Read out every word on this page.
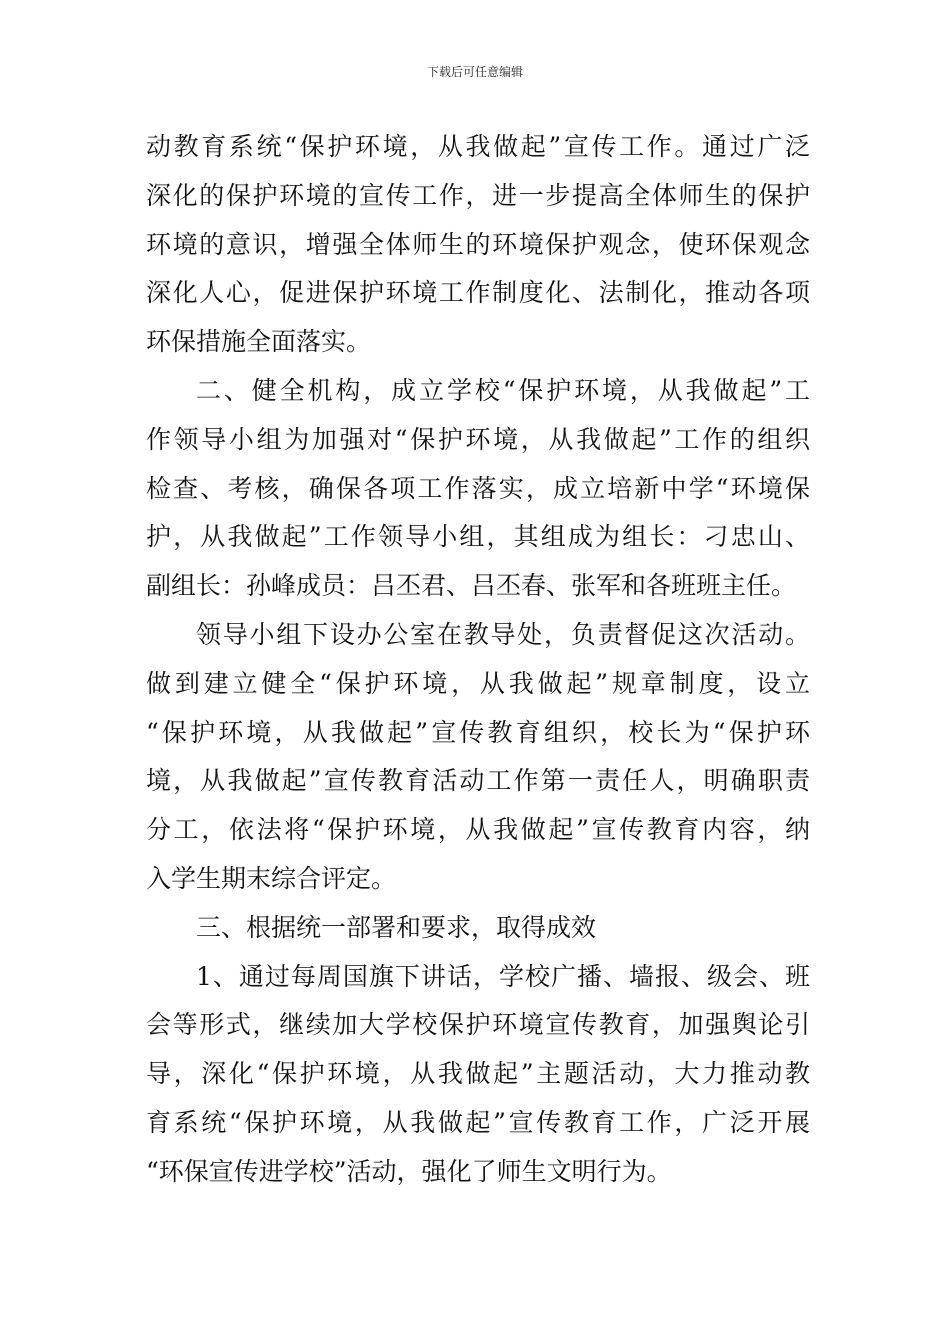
下载后可任意编辑
动教育系统“保护环境，从我做起”宣传工作。通过广泛
深化的保护环境的宣传工作，进一步提高全体师生的保护
环境的意识，增强全体师生的环境保护观念，使环保观念
深化人心，促进保护环境工作制度化、法制化，推动各项
环保措施全面落实。
二、健全机构，成立学校“保护环境，从我做起”工
作领导小组为加强对“保护环境，从我做起”工作的组织
检查、考核，确保各项工作落实，成立培新中学“环境保
护，从我做起”工作领导小组，其组成为组长：刁忠山、
副组长：孙峰成员：吕丕君、吕丕春、张军和各班班主任。
领导小组下设办公室在教导处，负责督促这次活动。
做到建立健全“保护环境，从我做起”规章制度，设立
“保护环境，从我做起”宣传教育组织，校长为“保护环
境，从我做起”宣传教育活动工作第一责任人，明确职责
分工，依法将“保护环境，从我做起”宣传教育内容，纳
入学生期末综合评定。
三、根据统一部署和要求，取得成效
1、通过每周国旗下讲话，学校广播、墙报、级会、班
会等形式，继续加大学校保护环境宣传教育，加强舆论引
导，深化“保护环境，从我做起”主题活动，大力推动教
育系统“保护环境，从我做起”宣传教育工作，广泛开展
“环保宣传进学校”活动，强化了师生文明行为。
